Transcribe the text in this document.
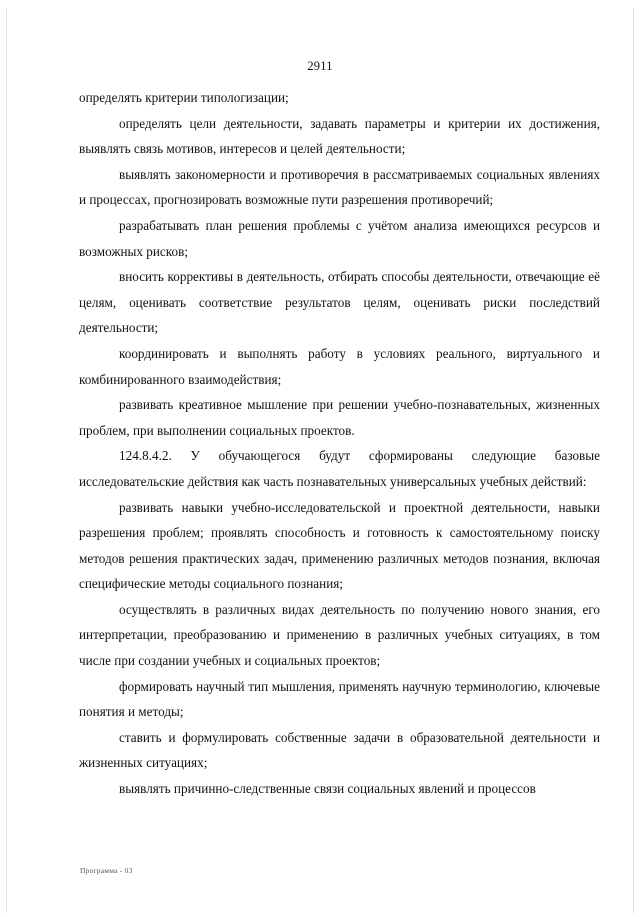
2911

определять критерии типологизации;

определять цели деятельности, задавать параметры и критерии их достижения, выявлять связь мотивов, интересов и целей деятельности;

выявлять закономерности и противоречия в рассматриваемых социальных явлениях и процессах, прогнозировать возможные пути разрешения противоречий;

разрабатывать план решения проблемы с учётом анализа имеющихся ресурсов и возможных рисков;

вносить коррективы в деятельность, отбирать способы деятельности, отвечающие её целям, оценивать соответствие результатов целям, оценивать риски последствий деятельности;

координировать и выполнять работу в условиях реального, виртуального и комбинированного взаимодействия;

развивать креативное мышление при решении учебно-познавательных, жизненных проблем, при выполнении социальных проектов.

124.8.4.2. У обучающегося будут сформированы следующие базовые исследовательские действия как часть познавательных универсальных учебных действий:

развивать навыки учебно-исследовательской и проектной деятельности, навыки разрешения проблем; проявлять способность и готовность к самостоятельному поиску методов решения практических задач, применению различных методов познания, включая специфические методы социального познания;

осуществлять в различных видах деятельность по получению нового знания, его интерпретации, преобразованию и применению в различных учебных ситуациях, в том числе при создании учебных и социальных проектов;

формировать научный тип мышления, применять научную терминологию, ключевые понятия и методы;

ставить и формулировать собственные задачи в образовательной деятельности и жизненных ситуациях;

выявлять причинно-следственные связи социальных явлений и процессов

Программа - 03
